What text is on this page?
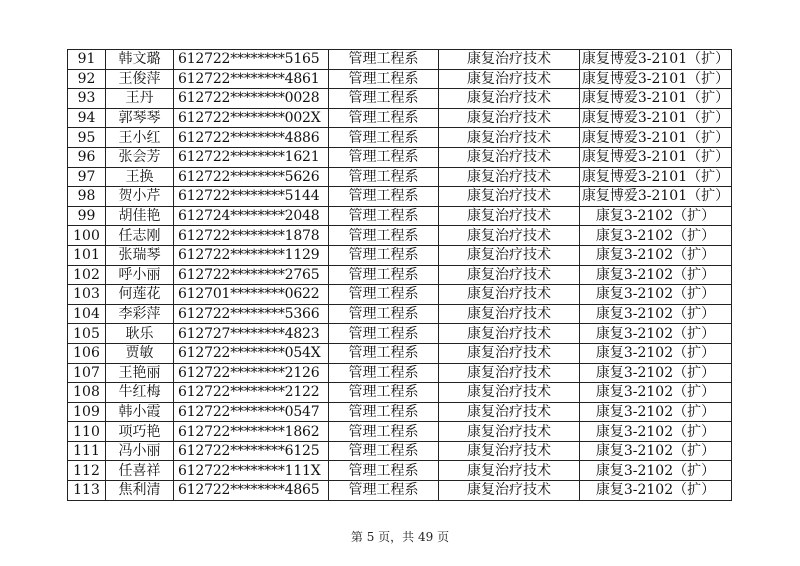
91	韩文璐	612722********5165	管理工程系	康复治疗技术	康复博爱3-2101（扩）
92	王俊萍	612722********4861	管理工程系	康复治疗技术	康复博爱3-2101（扩）
93	王丹	612722********0028	管理工程系	康复治疗技术	康复博爱3-2101（扩）
94	郭琴琴	612722********002X	管理工程系	康复治疗技术	康复博爱3-2101（扩）
95	王小红	612722********4886	管理工程系	康复治疗技术	康复博爱3-2101（扩）
96	张会芳	612722********1621	管理工程系	康复治疗技术	康复博爱3-2101（扩）
97	王换	612722********5626	管理工程系	康复治疗技术	康复博爱3-2101（扩）
98	贺小芹	612722********5144	管理工程系	康复治疗技术	康复博爱3-2101（扩）
99	胡佳艳	612724********2048	管理工程系	康复治疗技术	康复3-2102（扩）
100	任志刚	612722********1878	管理工程系	康复治疗技术	康复3-2102（扩）
101	张瑞琴	612722********1129	管理工程系	康复治疗技术	康复3-2102（扩）
102	呼小丽	612722********2765	管理工程系	康复治疗技术	康复3-2102（扩）
103	何莲花	612701********0622	管理工程系	康复治疗技术	康复3-2102（扩）
104	李彩萍	612722********5366	管理工程系	康复治疗技术	康复3-2102（扩）
105	耿乐	612727********4823	管理工程系	康复治疗技术	康复3-2102（扩）
106	贾敏	612722********054X	管理工程系	康复治疗技术	康复3-2102（扩）
107	王艳丽	612722********2126	管理工程系	康复治疗技术	康复3-2102（扩）
108	牛红梅	612722********2122	管理工程系	康复治疗技术	康复3-2102（扩）
109	韩小霞	612722********0547	管理工程系	康复治疗技术	康复3-2102（扩）
110	项巧艳	612722********1862	管理工程系	康复治疗技术	康复3-2102（扩）
111	冯小丽	612722********6125	管理工程系	康复治疗技术	康复3-2102（扩）
112	任喜祥	612722********111X	管理工程系	康复治疗技术	康复3-2102（扩）
113	焦利清	612722********4865	管理工程系	康复治疗技术	康复3-2102（扩）
第 5 页，共 49 页
